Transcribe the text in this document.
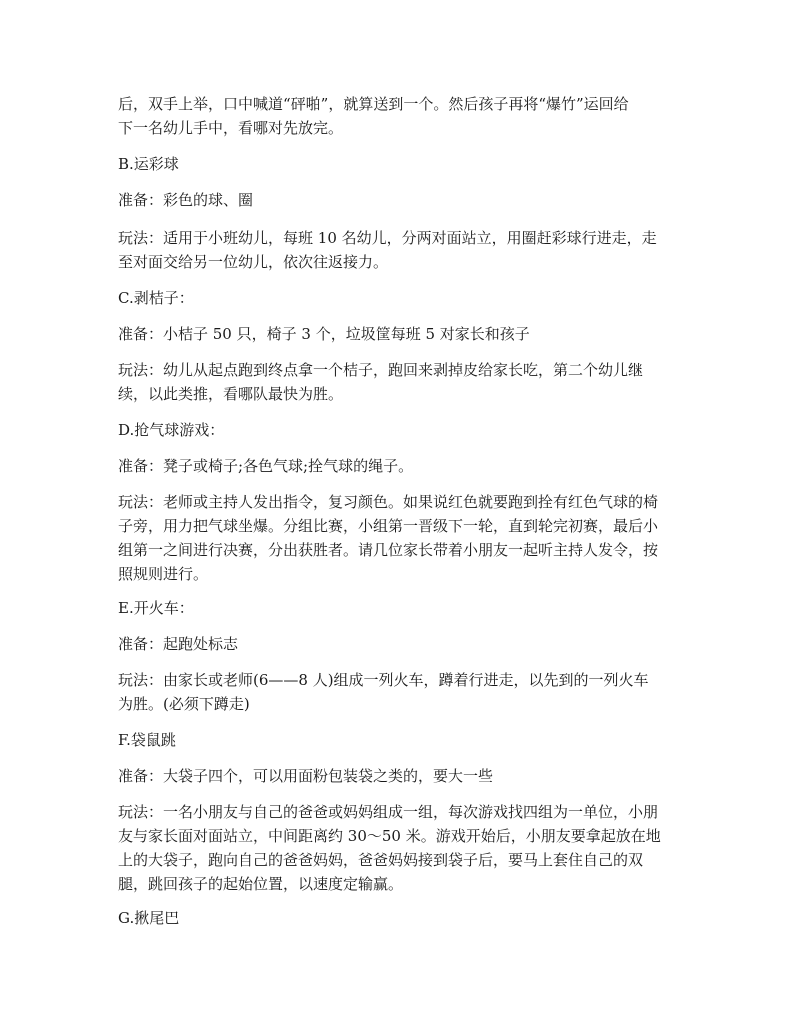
后，双手上举，口中喊道“砰啪”，就算送到一个。然后孩子再将“爆竹”运回给
下一名幼儿手中，看哪对先放完。
B.运彩球
准备：彩色的球、圈
玩法：适用于小班幼儿，每班 10 名幼儿，分两对面站立，用圈赶彩球行进走，走
至对面交给另一位幼儿，依次往返接力。
C.剥桔子：
准备：小桔子 50 只，椅子 3 个，垃圾筐每班 5 对家长和孩子
玩法：幼儿从起点跑到终点拿一个桔子，跑回来剥掉皮给家长吃，第二个幼儿继
续，以此类推，看哪队最快为胜。
D.抢气球游戏：
准备：凳子或椅子;各色气球;拴气球的绳子。
玩法：老师或主持人发出指令，复习颜色。如果说红色就要跑到拴有红色气球的椅
子旁，用力把气球坐爆。分组比赛，小组第一晋级下一轮，直到轮完初赛，最后小
组第一之间进行决赛，分出获胜者。请几位家长带着小朋友一起听主持人发令，按
照规则进行。
E.开火车：
准备：起跑处标志
玩法：由家长或老师(6——8 人)组成一列火车，蹲着行进走，以先到的一列火车
为胜。(必须下蹲走)
F.袋鼠跳
准备：大袋子四个，可以用面粉包装袋之类的，要大一些
玩法：一名小朋友与自己的爸爸或妈妈组成一组，每次游戏找四组为一单位，小朋
友与家长面对面站立，中间距离约 30～50 米。游戏开始后，小朋友要拿起放在地
上的大袋子，跑向自己的爸爸妈妈，爸爸妈妈接到袋子后，要马上套住自己的双
腿，跳回孩子的起始位置，以速度定输赢。
G.揪尾巴
